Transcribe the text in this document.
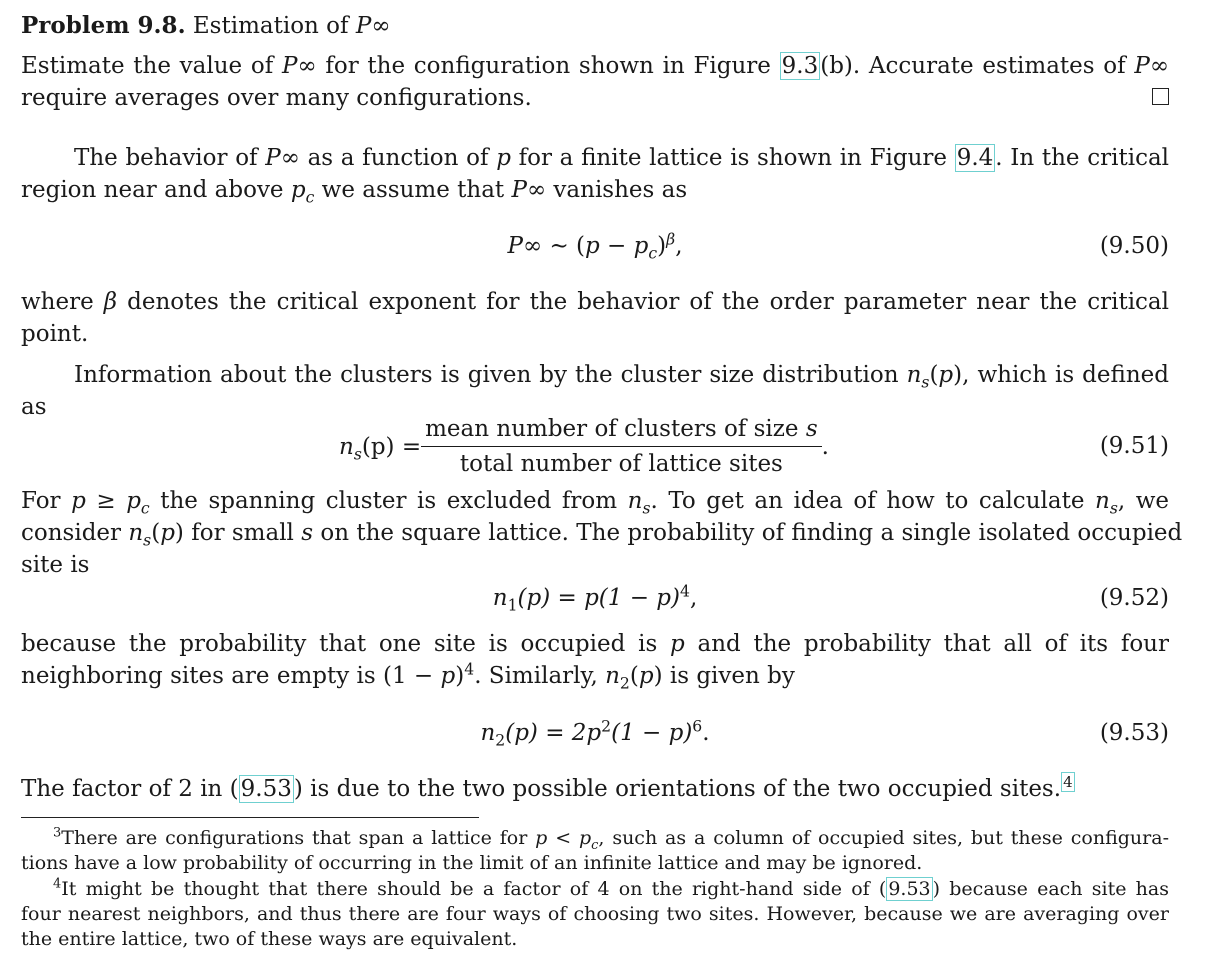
Problem 9.8. Estimation of P∞
Estimate the value of P∞ for the configuration shown in Figure 9.3(b). Accurate estimates of P∞
require averages over many configurations.
The behavior of P∞ as a function of p for a finite lattice is shown in Figure 9.4. In the critical
region near and above $p_c$ we assume that P∞ vanishes as
P∞ ∼ $(p - p_c)^\beta$,	(9.50)
where β denotes the critical exponent for the behavior of the order parameter near the critical
point.
Information about the clusters is given by the cluster size distribution $n_s(p)$, which is defined
as
$n_s(p) = \frac{\text{mean number of clusters of size s}}{\text{total number of lattice sites}}$ .	(9.51)
For $p \ge p_c$ the spanning cluster is excluded from $n_s$. To get an idea of how to calculate $n_s$, we
consider $n_s(p)$ for small s on the square lattice. The probability of finding a single isolated occupied
site is
$n_1(p) = p(1 - p)^4$,	(9.52)
because the probability that one site is occupied is p and the probability that all of its four
neighboring sites are empty is $(1 - p)^4$. Similarly, $n_2(p)$ is given by
$n_2(p) = 2p^2(1 - p)^6$.	(9.53)
The factor of 2 in (9.53) is due to the two possible orientations of the two occupied sites. $^4$
$^3$There are configurations that span a lattice for $p < p_c$, such as a column of occupied sites, but these configura-
tions have a low probability of occurring in the limit of an infinite lattice and may be ignored.
$^4$It might be thought that there should be a factor of 4 on the right-hand side of ( 9.53 ) because each site has
four nearest neighbors, and thus there are four ways of choosing two sites. However, because we are averaging over
the entire lattice, two of these ways are equivalent.
